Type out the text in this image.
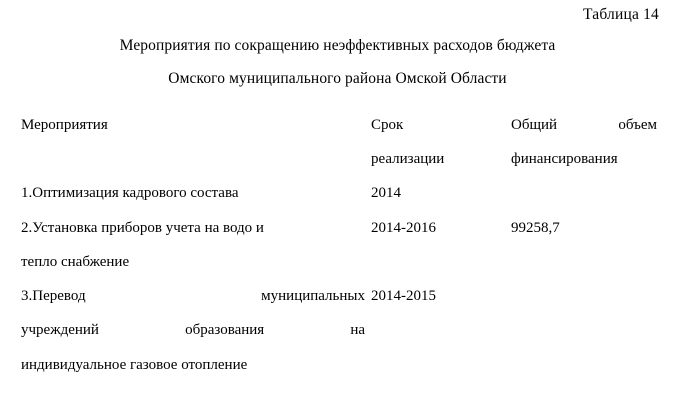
Таблица 14
Мероприятия по сокращению неэффективных расходов бюджета
Омского муниципального района Омской Области
Мероприятия	Срок	Общий объем

	реализации	финансирования
1.Оптимизация кадрового состава	2014	
2.Установка приборов учета на водо и	2014-2016	99258,7
тепло снабжение		

3.Перевод муниципальных	2014-2015	

учреждений образования на		

индивидуальное газовое отопление		
